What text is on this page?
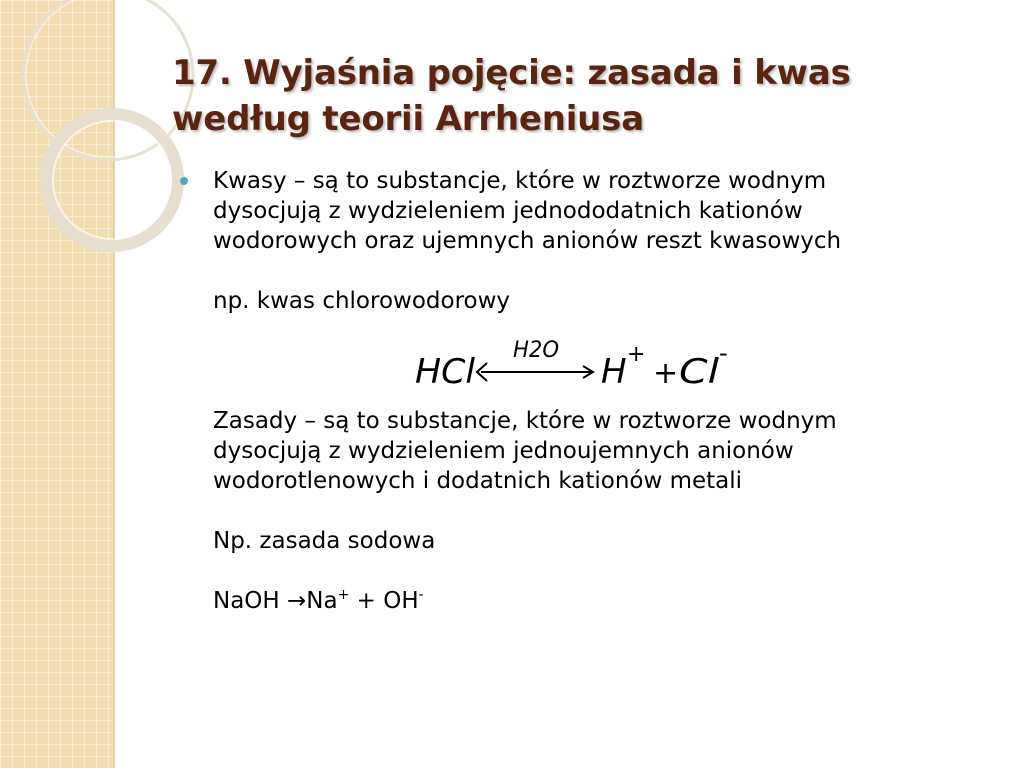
17. Wyjaśnia pojęcie: zasada i kwas
według teorii Arrheniusa

Kwasy – są to substancje, które w roztworze wodnym
dysocjują z wydzieleniem jednododatnich kationów
wodorowych oraz ujemnych anionów reszt kwasowych

np. kwas chlorowodorowy

Zasady – są to substancje, które w roztworze wodnym
dysocjują z wydzieleniem jednoujemnych anionów
wodorotlenowych i dodatnich kationów metali

Np. zasada sodowa

NaOH →Na+ + OH-

HCl
H2O
H +
+ Cl -
